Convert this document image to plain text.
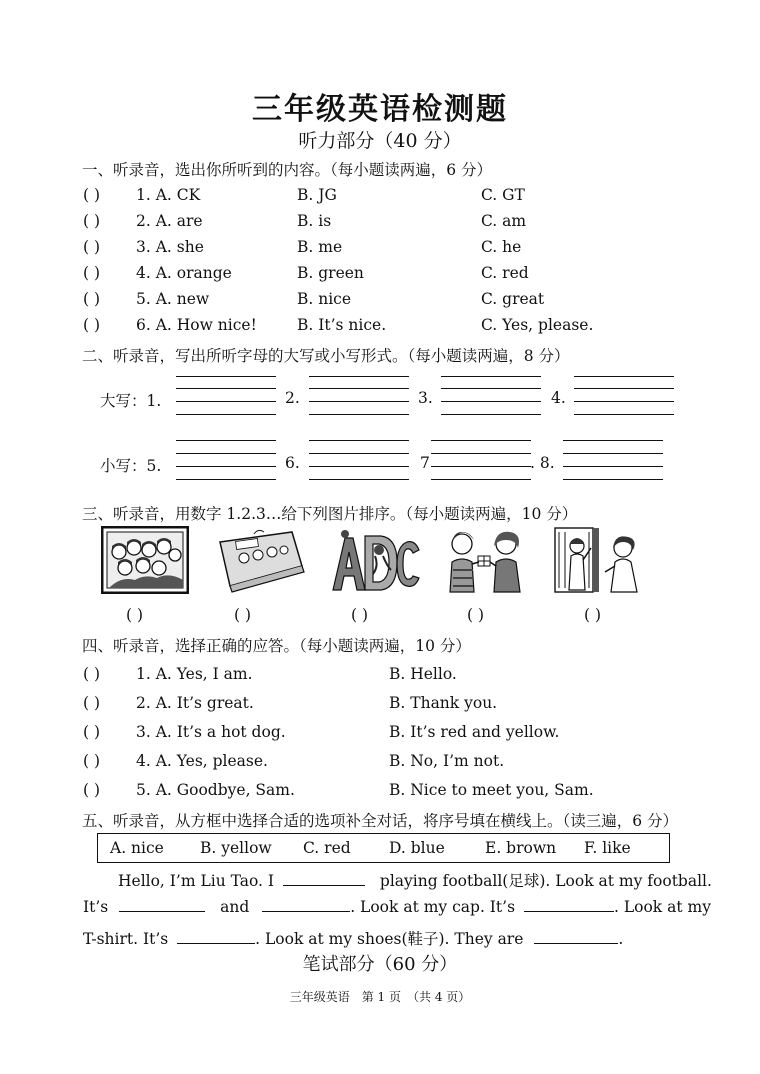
三年级英语检测题
听力部分（40 分）
一、听录音，选出你所听到的内容。（每小题读两遍，6 分）
( ) 1. A. CK	B. JG	C. GT
( ) 2. A. are	B. is	C. am
( ) 3. A. she	B. me	C. he
( ) 4. A. orange	B. green	C. red
( ) 5. A. new	B. nice	C. great
( ) 6. A. How nice!	B. It’s nice.	C. Yes, please.
二、听录音，写出所听字母的大写或小写形式。（每小题读两遍，8 分）
大写：1.	2.	3.	4.
小写：5.	6.	7	. 8.
三、听录音，用数字 1.2.3…给下列图片排序。（每小题读两遍，10 分）
( )	( )	( )	( )	( )
四、听录音，选择正确的应答。（每小题读两遍，10 分）
( ) 1. A. Yes, I am.	B. Hello.
( ) 2. A. It’s great.	B. Thank you.
( ) 3. A. It’s a hot dog.	B. It’s red and yellow.
( ) 4. A. Yes, please.	B. No, I’m not.
( ) 5. A. Goodbye, Sam.	B. Nice to meet you, Sam.
五、听录音，从方框中选择合适的选项补全对话，将序号填在横线上。（读三遍，6 分）
A. nice B. yellow C. red D. blue	E. brown F. like
Hello, I’m Liu Tao. I	playing football(足球). Look at my football.
It’s	and	. Look at my cap. It’s	. Look at my
T-shirt. It’s	. Look at my shoes(鞋子). They are	.
笔试部分（60 分）
三年级英语　第 1 页　（共 4 页）
